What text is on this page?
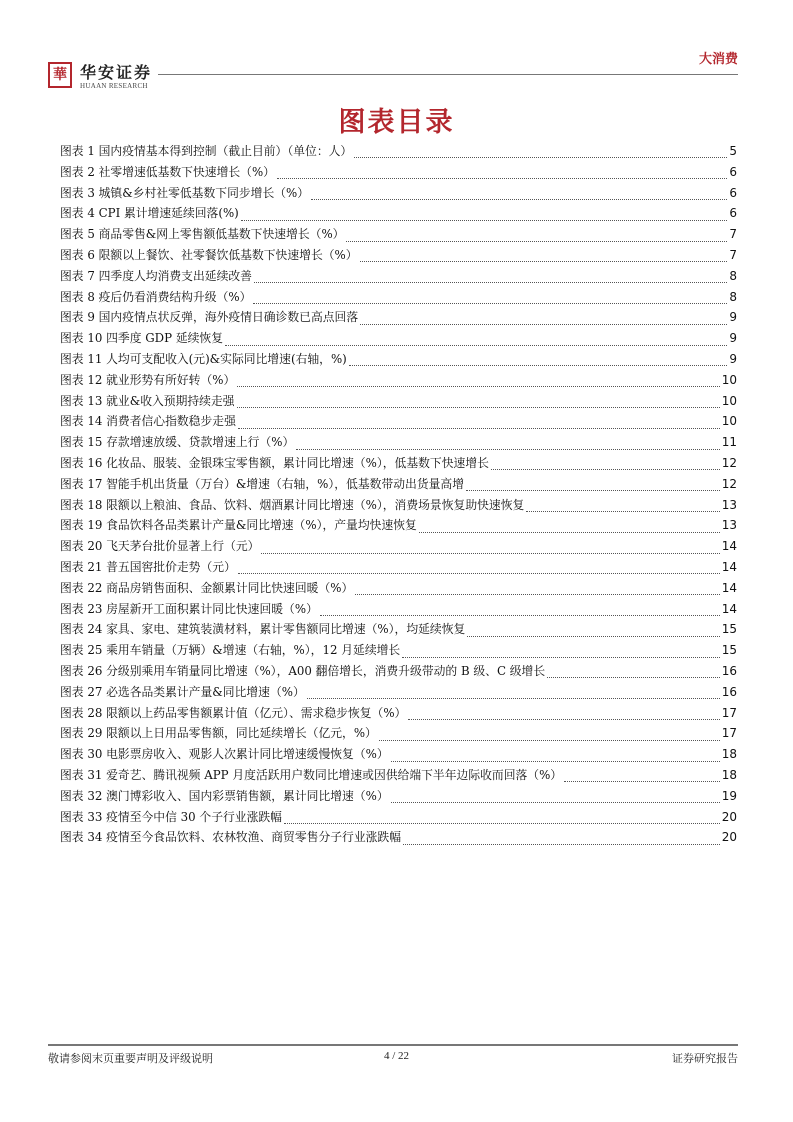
華 华安证券
HUAAN RESEARCH
大消费
图表目录
图表 1 国内疫情基本得到控制（截止目前）（单位：人）	5
图表 2 社零增速低基数下快速增长（%）	6
图表 3 城镇&乡村社零低基数下同步增长（%）	6
图表 4 CPI 累计增速延续回落(%)	6
图表 5 商品零售&网上零售额低基数下快速增长（%）	7
图表 6 限额以上餐饮、社零餐饮低基数下快速增长（%）	7
图表 7 四季度人均消费支出延续改善	8
图表 8 疫后仍看消费结构升级（%）	8
图表 9 国内疫情点状反弹，海外疫情日确诊数已高点回落	9
图表 10 四季度 GDP 延续恢复	9
图表 11 人均可支配收入(元)&实际同比增速(右轴，%)	9
图表 12 就业形势有所好转（%）	10
图表 13 就业&收入预期持续走强	10
图表 14 消费者信心指数稳步走强	10
图表 15 存款增速放缓、贷款增速上行（%）	11
图表 16 化妆品、服装、金银珠宝零售额，累计同比增速（%），低基数下快速增长	12
图表 17 智能手机出货量（万台）&增速（右轴，%），低基数带动出货量高增	12
图表 18 限额以上粮油、食品、饮料、烟酒累计同比增速（%），消费场景恢复助快速恢复	13
图表 19 食品饮料各品类累计产量&同比增速（%），产量均快速恢复	13
图表 20 飞天茅台批价显著上行（元）	14
图表 21 普五国窖批价走势（元）	14
图表 22 商品房销售面积、金额累计同比快速回暖（%）	14
图表 23 房屋新开工面积累计同比快速回暖（%）	14
图表 24 家具、家电、建筑装潢材料，累计零售额同比增速（%），均延续恢复	15
图表 25 乘用车销量（万辆）&增速（右轴，%），12 月延续增长	15
图表 26 分级别乘用车销量同比增速（%），A00 翻倍增长，消费升级带动的 B 级、C 级增长	16
图表 27 必选各品类累计产量&同比增速（%）	16
图表 28 限额以上药品零售额累计值（亿元）、需求稳步恢复（%）	17
图表 29 限额以上日用品零售额，同比延续增长（亿元，%）	17
图表 30 电影票房收入、观影人次累计同比增速缓慢恢复（%）	18
图表 31 爱奇艺、腾讯视频 APP 月度活跃用户数同比增速或因供给端下半年边际收而回落（%）	18
图表 32 澳门博彩收入、国内彩票销售额，累计同比增速（%）	19
图表 33 疫情至今中信 30 个子行业涨跌幅	20
图表 34 疫情至今食品饮料、农林牧渔、商贸零售分子行业涨跌幅	20
敬请参阅末页重要声明及评级说明	4 / 22	证券研究报告
